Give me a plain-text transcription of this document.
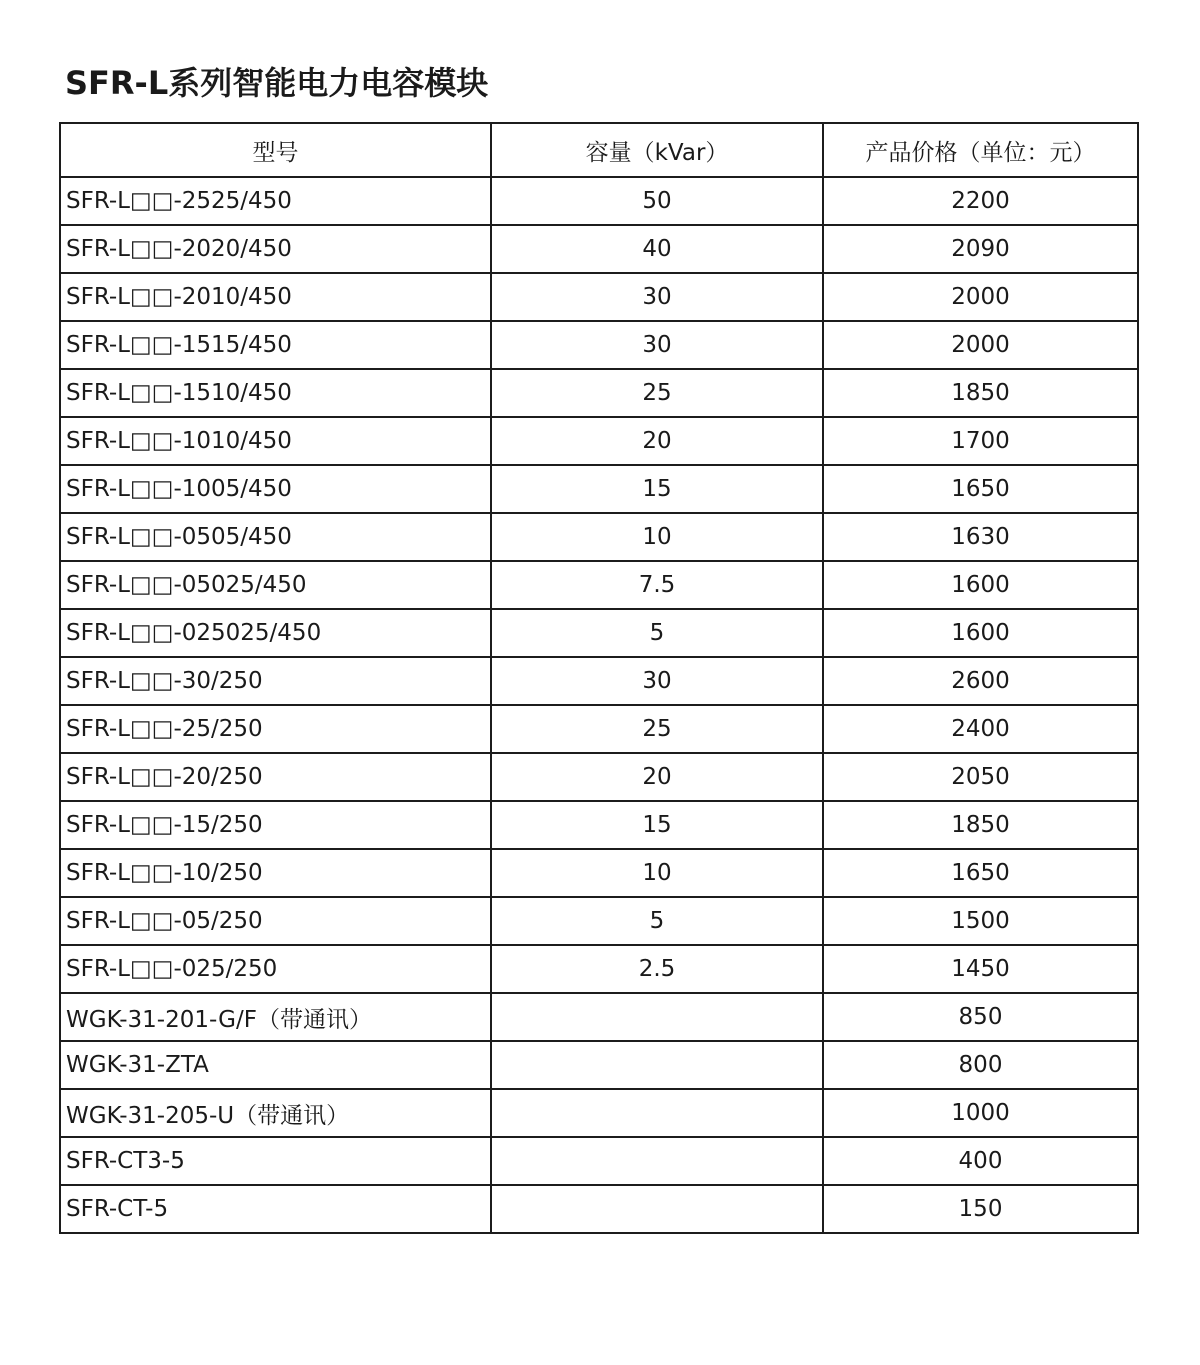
SFR-L系列智能电力电容模块
型号	容量（kVar）	产品价格（单位：元）
SFR-L□□-2525/450	50	2200
SFR-L□□-2020/450	40	2090
SFR-L□□-2010/450	30	2000
SFR-L□□-1515/450	30	2000
SFR-L□□-1510/450	25	1850
SFR-L□□-1010/450	20	1700
SFR-L□□-1005/450	15	1650
SFR-L□□-0505/450	10	1630
SFR-L□□-05025/450	7.5	1600
SFR-L□□-025025/450	5	1600
SFR-L□□-30/250	30	2600
SFR-L□□-25/250	25	2400
SFR-L□□-20/250	20	2050
SFR-L□□-15/250	15	1850
SFR-L□□-10/250	10	1650
SFR-L□□-05/250	5	1500
SFR-L□□-025/250	2.5	1450
WGK-31-201-G/F（带通讯）		850
WGK-31-ZTA		800
WGK-31-205-U（带通讯）		1000
SFR-CT3-5		400
SFR-CT-5		150
